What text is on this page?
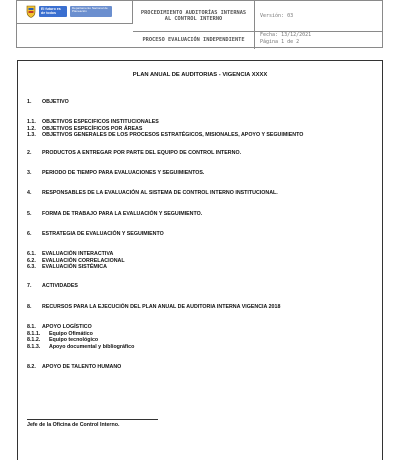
El futuro es de todos
Departamento Nacional de Planeación	PROCEDIMIENTO AUDITORÍAS INTERNAS AL CONTROL INTERNO
PROCESO EVALUACIÓN INDEPENDIENTE
Versión: 03
Fecha: 13/12/2021
Página 1 de 2
PLAN ANUAL DE AUDITORIAS - VIGENCIA XXXX
1.	OBJETIVO
1.1.	OBJETIVOS ESPECIFICOS INSTITUCIONALES
1.2.	OBJETIVOS ESPECÍFICOS POR ÁREAS
1.3.	OBJETIVOS GENERALES DE LOS PROCESOS ESTRATÉGICOS, MISIONALES, APOYO Y SEGUIMIENTO
2.	PRODUCTOS A ENTREGAR POR PARTE DEL EQUIPO DE CONTROL INTERNO.
3.	PERIODO DE TIEMPO PARA EVALUACIONES Y SEGUIMIENTOS.
4.	RESPONSABLES DE LA EVALUACIÓN AL SISTEMA DE CONTROL INTERNO INSTITUCIONAL.
5.	FORMA DE TRABAJO PARA LA EVALUACIÓN Y SEGUIMIENTO.
6.	ESTRATEGIA DE EVALUACIÓN Y SEGUIMIENTO
6.1.	EVALUACIÓN INTERACTIVA
6.2.	EVALUACIÓN CORRELACIONAL
6.3.	EVALUACIÓN SISTÉMICA
7.	ACTIVIDADES
8.	RECURSOS PARA LA EJECUCIÓN DEL PLAN ANUAL DE AUDITORIA INTERNA VIGENCIA 2018
8.1.	APOYO LOGÍSTICO
8.1.1.	Equipo Ofimático
8.1.2.	Equipo tecnológico
8.1.3.	Apoyo documental y bibliográfico
8.2.	APOYO DE TALENTO HUMANO
Jefe de la Oficina de Control Interno.
